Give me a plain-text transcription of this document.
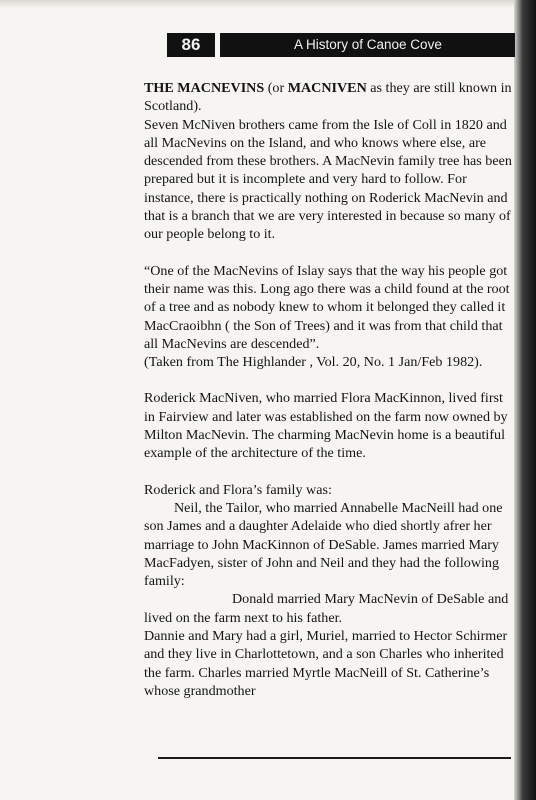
86	A History of Canoe Cove

THE MACNEVINS (or MACNIVEN as they are still known in Scotland).

Seven McNiven brothers came from the Isle of Coll in 1820 and all MacNevins on the Island, and who knows where else, are descended from these brothers. A MacNevin family tree has been prepared but it is incomplete and very hard to follow. For instance, there is practically nothing on Roderick MacNevin and that is a branch that we are very interested in because so many of our people belong to it.

“One of the MacNevins of Islay says that the way his people got their name was this. Long ago there was a child found at the root of a tree and as nobody knew to whom it belonged they called it MacCraoibhn ( the Son of Trees) and it was from that child that all MacNevins are descended”.

(Taken from The Highlander , Vol. 20, No. 1 Jan/Feb 1982).

Roderick MacNiven, who married Flora MacKinnon, lived first in Fairview and later was established on the farm now owned by Milton MacNevin. The charming MacNevin home is a beautiful example of the architecture of the time.

Roderick and Flora’s family was:

Neil, the Tailor, who married Annabelle MacNeill had one son James and a daughter Adelaide who died shortly afrer her marriage to John MacKinnon of DeSable. James married Mary MacFadyen, sister of John and Neil and they had the following family:

Donald married Mary MacNevin of DeSable and lived on the farm next to his father.

Dannie and Mary had a girl, Muriel, married to Hector Schirmer and they live in Charlottetown, and a son Charles who inherited the farm. Charles married Myrtle MacNeill of St. Catherine’s whose grandmother
